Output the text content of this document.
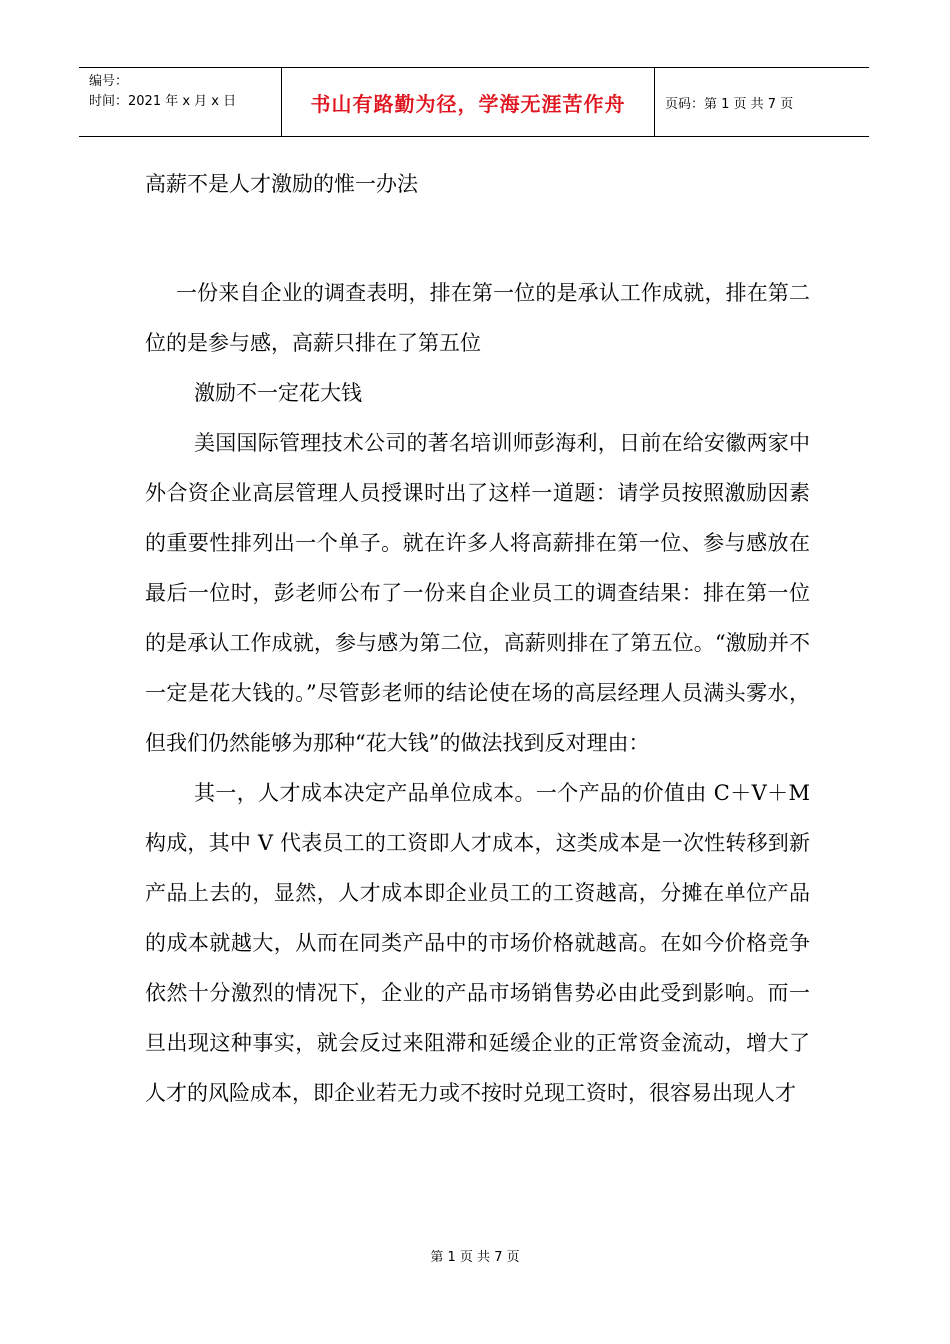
编号：
时间：2021 年 x 月 x 日	书山有路勤为径，学海无涯苦作舟	页码：第 1 页 共 7 页
高薪不是人才激励的惟一办法

一份来自企业的调查表明，排在第一位的是承认工作成就，排在第二位的是参与感，高薪只排在了第五位

激励不一定花大钱

美国国际管理技术公司的著名培训师彭海利，日前在给安徽两家中外合资企业高层管理人员授课时出了这样一道题：请学员按照激励因素的重要性排列出一个单子。就在许多人将高薪排在第一位、参与感放在最后一位时，彭老师公布了一份来自企业员工的调查结果：排在第一位的是承认工作成就，参与感为第二位，高薪则排在了第五位。“激励并不一定是花大钱的。”尽管彭老师的结论使在场的高层经理人员满头雾水，但我们仍然能够为那种“花大钱”的做法找到反对理由：

其一，人才成本决定产品单位成本。一个产品的价值由 C＋V＋M 构成，其中 V 代表员工的工资即人才成本，这类成本是一次性转移到新产品上去的，显然，人才成本即企业员工的工资越高，分摊在单位产品的成本就越大，从而在同类产品中的市场价格就越高。在如今价格竞争依然十分激烈的情况下，企业的产品市场销售势必由此受到影响。而一旦出现这种事实，就会反过来阻滞和延缓企业的正常资金流动，增大了人才的风险成本，即企业若无力或不按时兑现工资时，很容易出现人才

第 1 页 共 7 页
